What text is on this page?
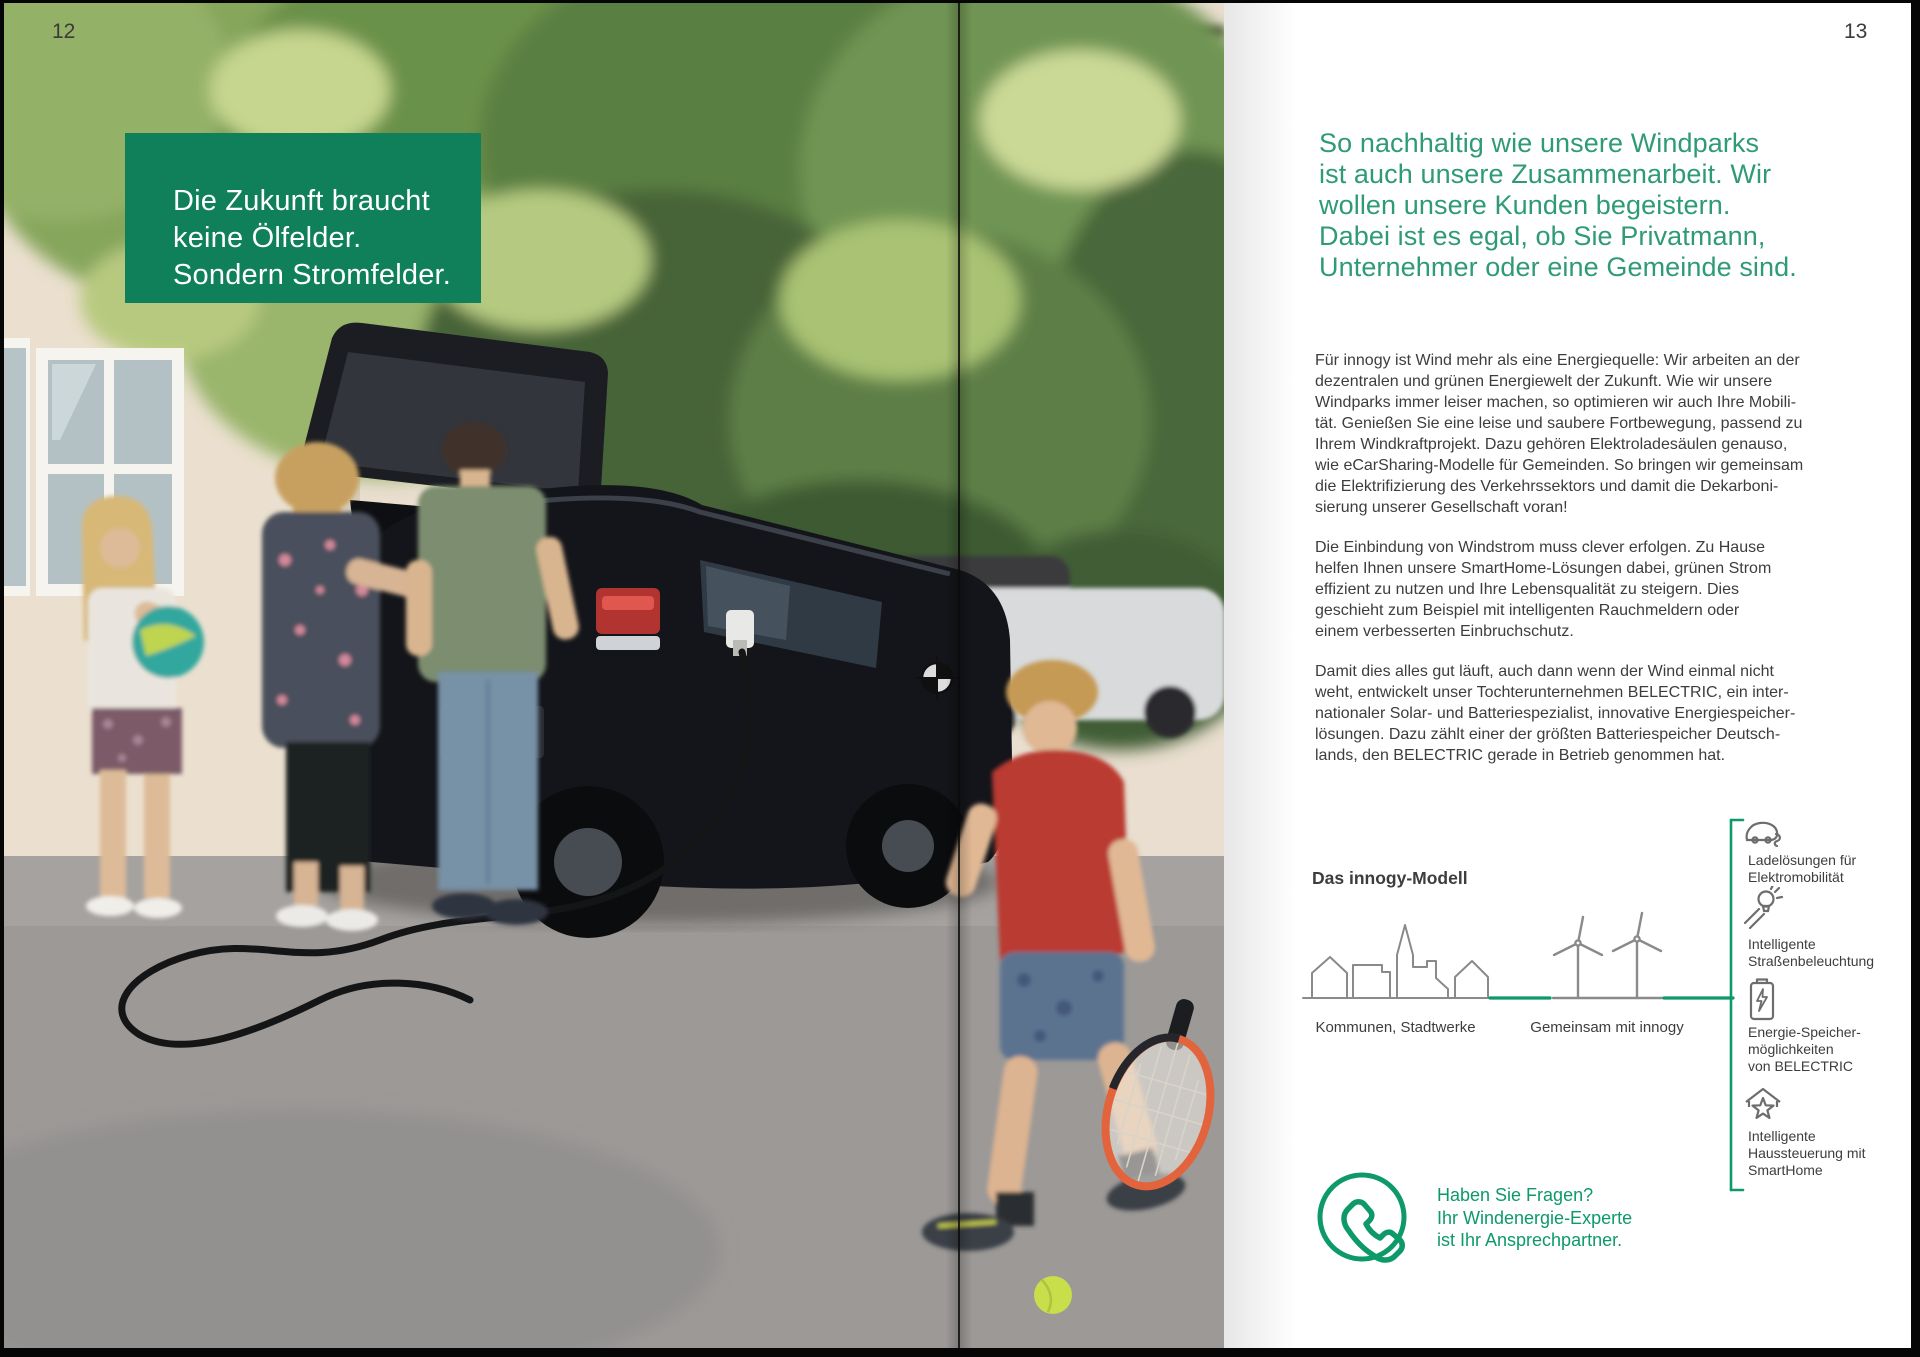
12	13
Die Zukunft braucht
keine Ölfelder.
Sondern Stromfelder.
So nachhaltig wie unsere Windparks
ist auch unsere Zusammenarbeit. Wir
wollen unsere Kunden begeistern.
Dabei ist es egal, ob Sie Privatmann,
Unternehmer oder eine Gemeinde sind.
Für innogy ist Wind mehr als eine Energiequelle: Wir arbeiten an der
dezentralen und grünen Energiewelt der Zukunft. Wie wir unsere
Windparks immer leiser machen, so optimieren wir auch Ihre Mobili-
tät. Genießen Sie eine leise und saubere Fortbewegung, passend zu
Ihrem Windkraftprojekt. Dazu gehören Elektroladesäulen genauso,
wie eCarSharing-Modelle für Gemeinden. So bringen wir gemeinsam
die Elektrifizierung des Verkehrssektors und damit die Dekarboni-
sierung unserer Gesellschaft voran!
Die Einbindung von Windstrom muss clever erfolgen. Zu Hause
helfen Ihnen unsere SmartHome-Lösungen dabei, grünen Strom
effizient zu nutzen und Ihre Lebensqualität zu steigern. Dies
geschieht zum Beispiel mit intelligenten Rauchmeldern oder
einem verbesserten Einbruchschutz.
Damit dies alles gut läuft, auch dann wenn der Wind einmal nicht
weht, entwickelt unser Tochterunternehmen BELECTRIC, ein inter-
nationaler Solar- und Batteriespezialist, innovative Energiespeicher-
lösungen. Dazu zählt einer der größten Batteriespeicher Deutsch-
lands, den BELECTRIC gerade in Betrieb genommen hat.
Das innogy-Modell
Kommunen, Stadtwerke	Gemeinsam mit innogy
Ladelösungen für
Elektromobilität
Intelligente
Straßenbeleuchtung
Energie-Speicher-
möglichkeiten
von BELECTRIC
Intelligente
Haussteuerung mit
SmartHome
Haben Sie Fragen?
Ihr Windenergie-Experte
ist Ihr Ansprechpartner.
